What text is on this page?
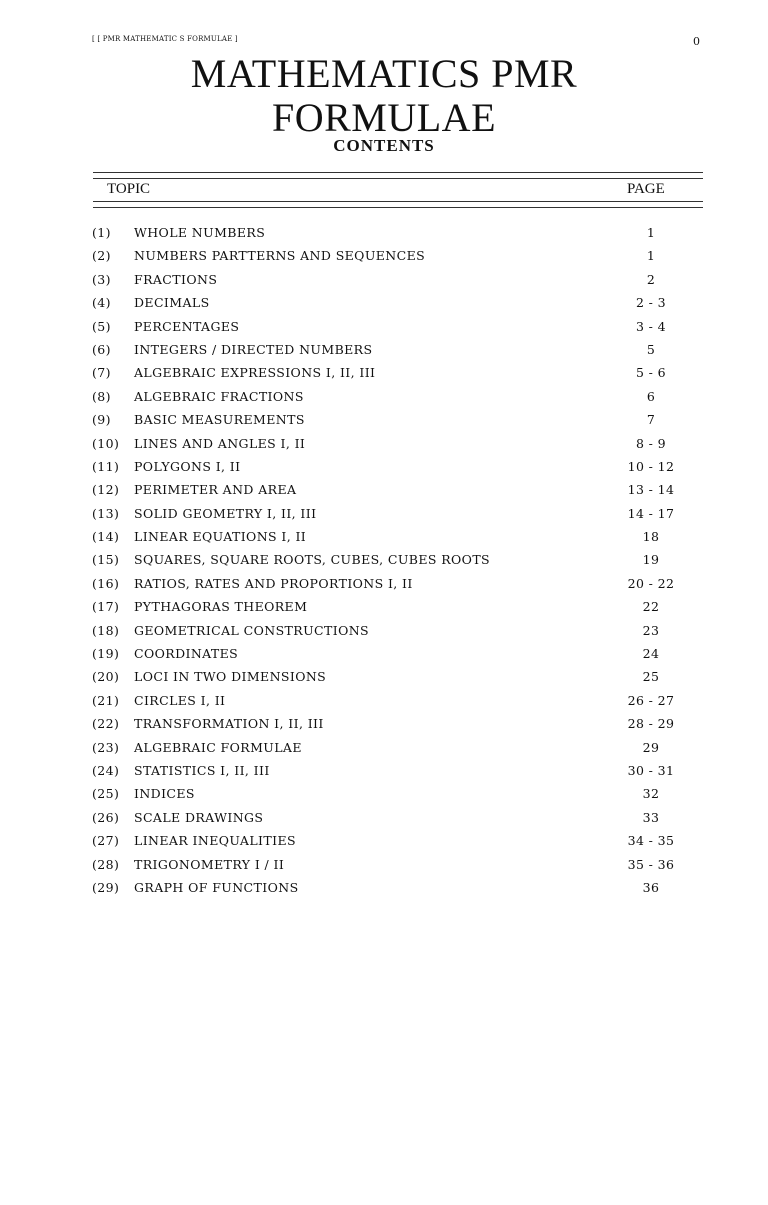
[ [ PMR MATHEMATIC S FORMULAE ]	0
MATHEMATICS PMR
FORMULAE
CONTENTS
TOPIC	PAGE
(1) WHOLE NUMBERS	1
(2) NUMBERS PARTTERNS AND SEQUENCES	1
(3) FRACTIONS	2
(4) DECIMALS	2 - 3
(5) PERCENTAGES	3 - 4
(6) INTEGERS / DIRECTED NUMBERS	5
(7) ALGEBRAIC EXPRESSIONS I, II, III	5 - 6
(8) ALGEBRAIC FRACTIONS	6
(9) BASIC MEASUREMENTS	7
(10) LINES AND ANGLES I, II	8 - 9
(11) POLYGONS I, II	10 - 12
(12) PERIMETER AND AREA	13 - 14
(13) SOLID GEOMETRY I, II, III	14 - 17
(14) LINEAR EQUATIONS I, II	18
(15) SQUARES, SQUARE ROOTS, CUBES, CUBES ROOTS	19
(16) RATIOS, RATES AND PROPORTIONS I, II	20 - 22
(17) PYTHAGORAS THEOREM	22
(18) GEOMETRICAL CONSTRUCTIONS	23
(19) COORDINATES	24
(20) LOCI IN TWO DIMENSIONS	25
(21) CIRCLES I, II	26 - 27
(22) TRANSFORMATION I, II, III	28 - 29
(23) ALGEBRAIC FORMULAE	29
(24) STATISTICS I, II, III	30 - 31
(25) INDICES	32
(26) SCALE DRAWINGS	33
(27) LINEAR INEQUALITIES	34 - 35
(28) TRIGONOMETRY I / II	35 - 36
(29) GRAPH OF FUNCTIONS	36
